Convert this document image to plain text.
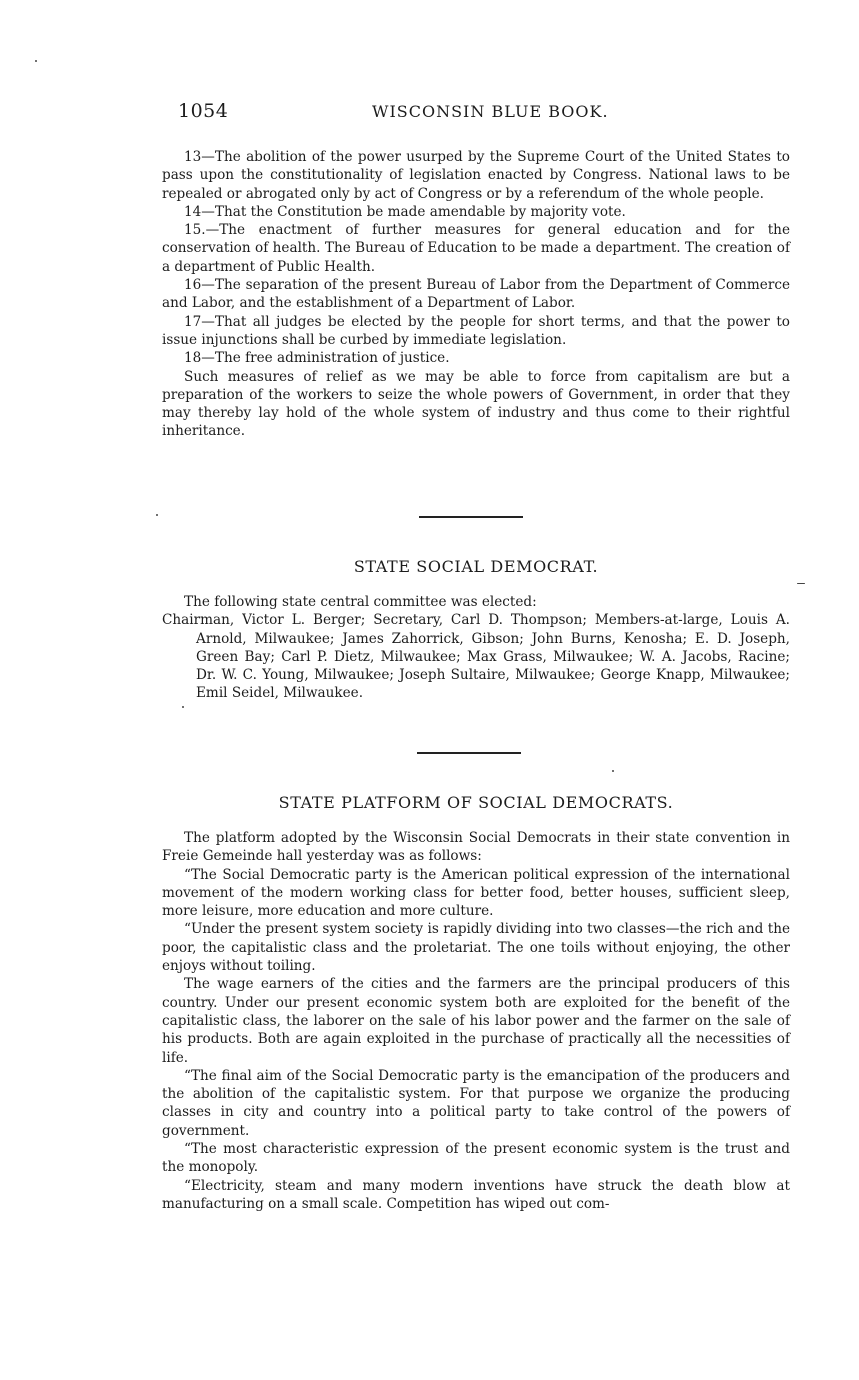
1054	WISCONSIN BLUE BOOK.

13—The abolition of the power usurped by the Supreme Court of the United States to pass upon the constitutionality of legislation enacted by Congress. National laws to be repealed or abrogated only by act of Congress or by a referendum of the whole people.

14—That the Constitution be made amendable by majority vote.

15.—The enactment of further measures for general education and for the conservation of health. The Bureau of Education to be made a department. The creation of a department of Public Health.

16—The separation of the present Bureau of Labor from the Department of Commerce and Labor, and the establishment of a Department of Labor.

17—That all judges be elected by the people for short terms, and that the power to issue injunctions shall be curbed by immediate legislation.

18—The free administration of justice.

Such measures of relief as we may be able to force from capitalism are but a preparation of the workers to seize the whole powers of Government, in order that they may thereby lay hold of the whole system of industry and thus come to their rightful inheritance.

STATE SOCIAL DEMOCRAT.

The following state central committee was elected:

Chairman, Victor L. Berger; Secretary, Carl D. Thompson; Members-at-large, Louis A. Arnold, Milwaukee; James Zahorrick, Gibson; John Burns, Kenosha; E. D. Joseph, Green Bay; Carl P. Dietz, Milwaukee; Max Grass, Milwaukee; W. A. Jacobs, Racine; Dr. W. C. Young, Milwaukee; Joseph Sultaire, Milwaukee; George Knapp, Milwaukee; Emil Seidel, Milwaukee.

STATE PLATFORM OF SOCIAL DEMOCRATS.

The platform adopted by the Wisconsin Social Democrats in their state convention in Freie Gemeinde hall yesterday was as follows:

“The Social Democratic party is the American political expression of the international movement of the modern working class for better food, better houses, sufficient sleep, more leisure, more education and more culture.

“Under the present system society is rapidly dividing into two classes—the rich and the poor, the capitalistic class and the proletariat. The one toils without enjoying, the other enjoys without toiling.

The wage earners of the cities and the farmers are the principal producers of this country. Under our present economic system both are exploited for the benefit of the capitalistic class, the laborer on the sale of his labor power and the farmer on the sale of his products. Both are again exploited in the purchase of practically all the necessities of life.

“The final aim of the Social Democratic party is the emancipation of the producers and the abolition of the capitalistic system. For that purpose we organize the producing classes in city and country into a political party to take control of the powers of government.

“The most characteristic expression of the present economic system is the trust and the monopoly.

“Electricity, steam and many modern inventions have struck the death blow at manufacturing on a small scale. Competition has wiped out com-
